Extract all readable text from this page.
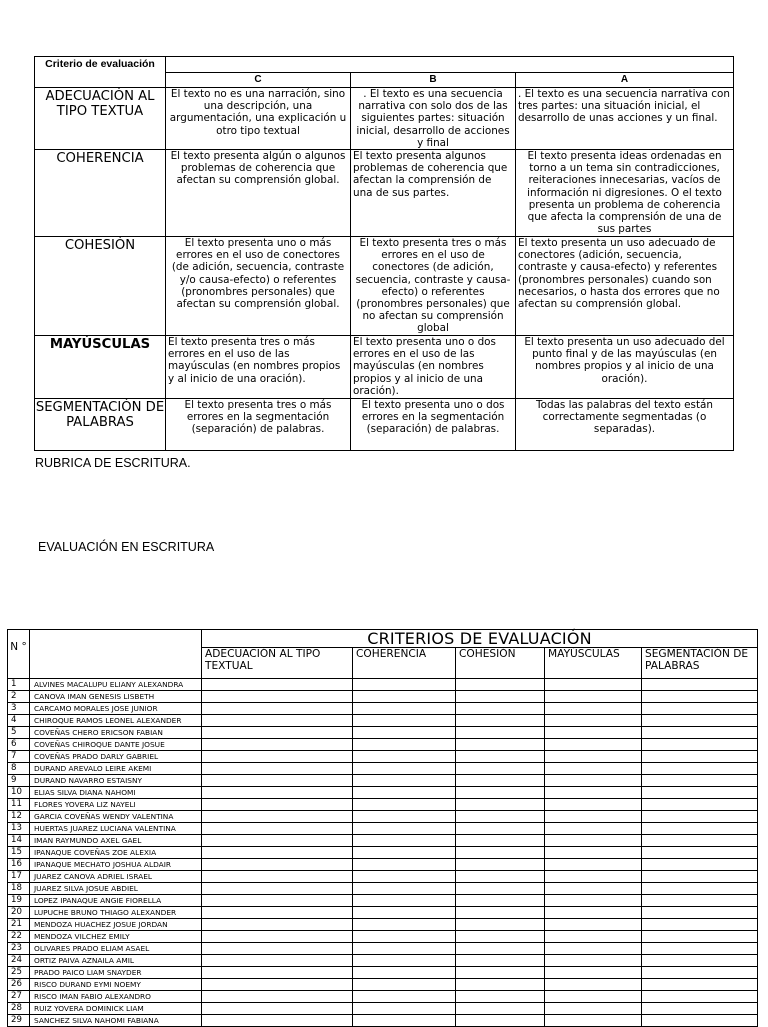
Criterio de evaluación			
	C	B	A
ADECUACIÓN AL TIPO TEXTUA	El texto no es una narración, sino una descripción, una argumentación, una explicación u otro tipo textual	. El texto es una secuencia narrativa con solo dos de las siguientes partes: situación inicial, desarrollo de acciones y final	. El texto es una secuencia narrativa con tres partes: una situación inicial, el desarrollo de unas acciones y un final.
COHERENCIA	El texto presenta algún o algunos problemas de coherencia que afectan su comprensión global.	El texto presenta algunos problemas de coherencia que afectan la comprensión de una de sus partes.	El texto presenta ideas ordenadas en torno a un tema sin contradicciones, reiteraciones innecesarias, vacíos de información ni digresiones. O el texto presenta un problema de coherencia que afecta la comprensión de una de sus partes
COHESIÓN	El texto presenta uno o más errores en el uso de conectores (de adición, secuencia, contraste y/o causa-efecto) o referentes (pronombres personales) que afectan su comprensión global.	El texto presenta tres o más errores en el uso de conectores (de adición, secuencia, contraste y causa-efecto) o referentes (pronombres personales) que no afectan su comprensión global	El texto presenta un uso adecuado de conectores (adición, secuencia, contraste y causa-efecto) y referentes (pronombres personales) cuando son necesarios, o hasta dos errores que no afectan su comprensión global.
MAYÚSCULAS	El texto presenta tres o más errores en el uso de las mayúsculas (en nombres propios y al inicio de una oración).	El texto presenta uno o dos errores en el uso de las mayúsculas (en nombres propios y al inicio de una oración).	El texto presenta un uso adecuado del punto final y de las mayúsculas (en nombres propios y al inicio de una oración).
SEGMENTACIÓN DE PALABRAS	El texto presenta tres o más errores en la segmentación (separación) de palabras.	El texto presenta uno o dos errores en la segmentación (separación) de palabras.	Todas las palabras del texto están correctamente segmentadas (o separadas).
RUBRICA DE ESCRITURA.
EVALUACIÓN EN ESCRITURA
N °		CRITERIOS DE EVALUACIÓN				
		ADECUACIÓN AL TIPO TEXTUAL	COHERENCIA	COHESIÓN	MAYÚSCULAS	SEGMENTACIÓN DE PALABRAS
1	ALVINES MACALUPU ELIANY ALEXANDRA					
2	CANOVA IMAN GENESIS LISBETH					
3	CARCAMO MORALES JOSE JUNIOR					
4	CHIROQUE RAMOS LEONEL ALEXANDER					
5	COVEÑAS CHERO ERICSON FABIAN					
6	COVEÑAS CHIROQUE DANTE JOSUE					
7	COVEÑAS PRADO DARLY GABRIEL					
8	DURAND AREVALO LEIRE AKEMI					
9	DURAND NAVARRO ESTAISNY					
10	ELIAS SILVA DIANA NAHOMI					
11	FLORES YOVERA LIZ NAYELI					
12	GARCIA COVEÑAS WENDY VALENTINA					
13	HUERTAS JUAREZ LUCIANA VALENTINA					
14	IMAN RAYMUNDO AXEL GAEL					
15	IPANAQUE COVEÑAS ZOE ALEXIA					
16	IPANAQUE MECHATO JOSHUA ALDAIR					
17	JUAREZ CANOVA ADRIEL ISRAEL					
18	JUAREZ SILVA JOSUE ABDIEL					
19	LOPEZ IPANAQUE ANGIE FIORELLA					
20	LUPUCHE BRUNO THIAGO ALEXANDER					
21	MENDOZA HUACHEZ JOSUE JORDAN					
22	MENDOZA VILCHEZ EMILY					
23	OLIVARES PRADO ELIAM ASAEL					
24	ORTIZ PAIVA AZNAILA AMIL					
25	PRADO PAICO LIAM SNAYDER					
26	RISCO DURAND EYMI NOEMY					
27	RISCO IMAN FABIO ALEXANDRO					
28	RUIZ YOVERA DOMINICK LIAM					
29	SANCHEZ SILVA NAHOMI FABIANA					
